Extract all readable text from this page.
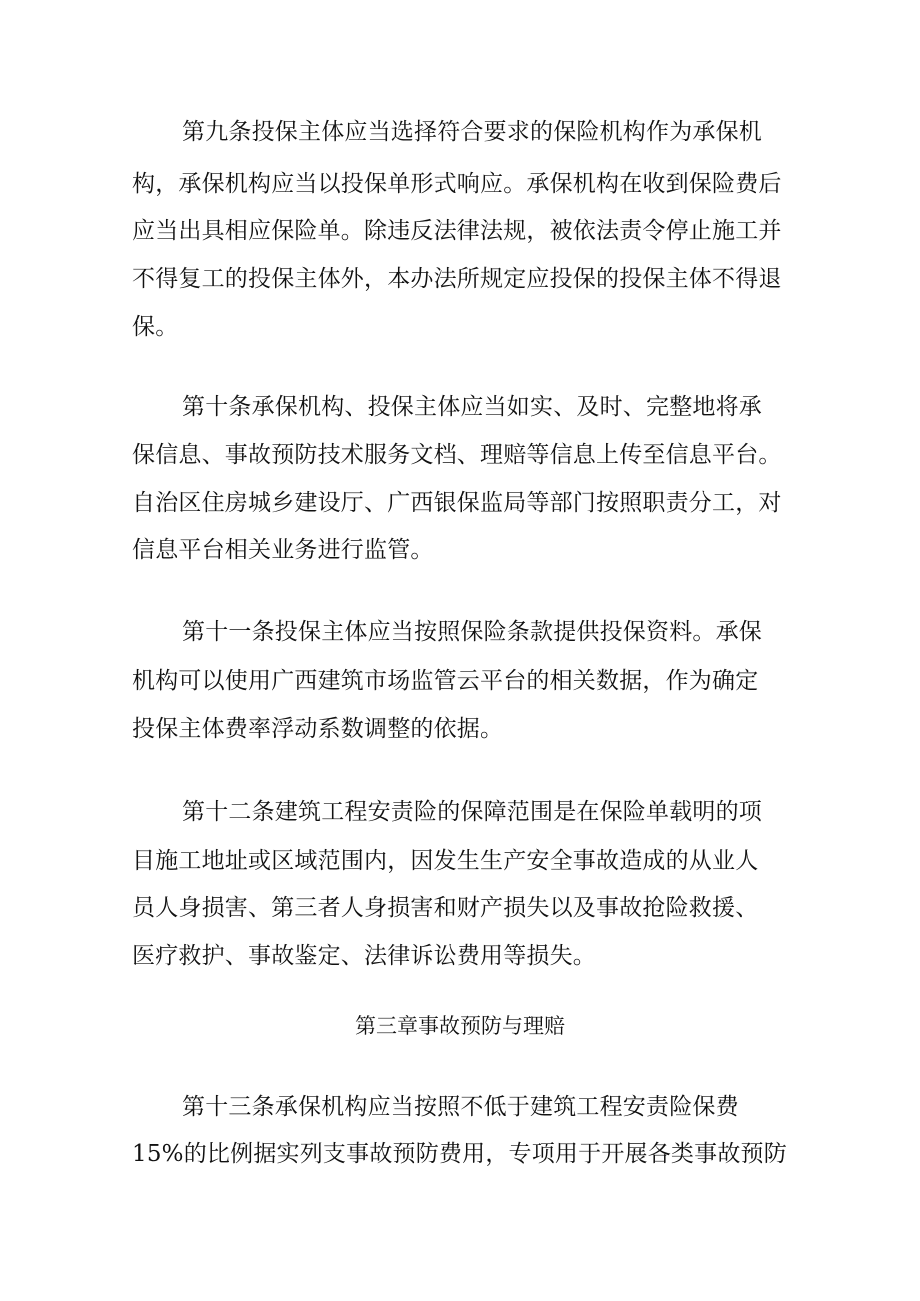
第九条投保主体应当选择符合要求的保险机构作为承保机
构，承保机构应当以投保单形式响应。承保机构在收到保险费后
应当出具相应保险单。除违反法律法规，被依法责令停止施工并
不得复工的投保主体外，本办法所规定应投保的投保主体不得退
保。
第十条承保机构、投保主体应当如实、及时、完整地将承
保信息、事故预防技术服务文档、理赔等信息上传至信息平台。
自治区住房城乡建设厅、广西银保监局等部门按照职责分工，对
信息平台相关业务进行监管。
第十一条投保主体应当按照保险条款提供投保资料。承保
机构可以使用广西建筑市场监管云平台的相关数据，作为确定
投保主体费率浮动系数调整的依据。
第十二条建筑工程安责险的保障范围是在保险单载明的项
目施工地址或区域范围内，因发生生产安全事故造成的从业人
员人身损害、第三者人身损害和财产损失以及事故抢险救援、
医疗救护、事故鉴定、法律诉讼费用等损失。
第三章事故预防与理赔
第十三条承保机构应当按照不低于建筑工程安责险保费
15%的比例据实列支事故预防费用，专项用于开展各类事故预防
